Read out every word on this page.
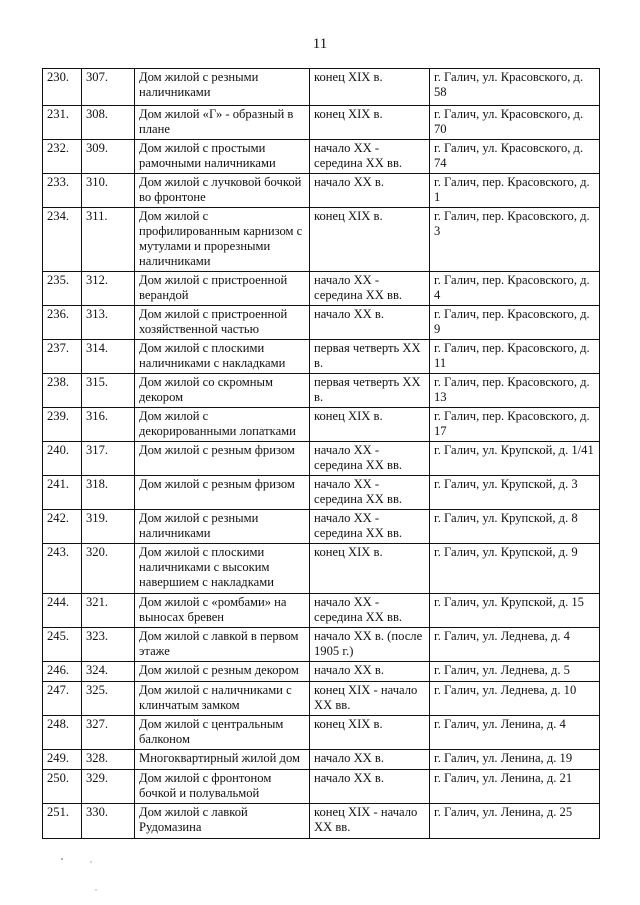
11
230.	307.	Дом жилой с резными наличниками	конец XIX в.	г. Галич, ул. Красовского, д. 58
231.	308.	Дом жилой «Г» - образный в плане	конец XIX в.	г. Галич, ул. Красовского, д. 70
232.	309.	Дом жилой с простыми рамочными наличниками	начало XX - середина XX вв.	г. Галич, ул. Красовского, д. 74
233.	310.	Дом жилой с лучковой бочкой во фронтоне	начало XX в.	г. Галич, пер. Красовского, д. 1
234.	311.	Дом жилой с профилированным карнизом с мутулами и прорезными наличниками	конец XIX в.	г. Галич, пер. Красовского, д. 3
235.	312.	Дом жилой с пристроенной верандой	начало XX - середина XX вв.	г. Галич, пер. Красовского, д. 4
236.	313.	Дом жилой с пристроенной хозяйственной частью	начало XX в.	г. Галич, пер. Красовского, д. 9
237.	314.	Дом жилой с плоскими наличниками с накладками	первая четверть XX в.	г. Галич, пер. Красовского, д. 11
238.	315.	Дом жилой со скромным декором	первая четверть XX в.	г. Галич, пер. Красовского, д. 13
239.	316.	Дом жилой с декорированными лопатками	конец XIX в.	г. Галич, пер. Красовского, д. 17
240.	317.	Дом жилой с резным фризом	начало XX - середина XX вв.	г. Галич, ул. Крупской, д. 1/41
241.	318.	Дом жилой с резным фризом	начало XX - середина XX вв.	г. Галич, ул. Крупской, д. 3
242.	319.	Дом жилой с резными наличниками	начало XX - середина XX вв.	г. Галич, ул. Крупской, д. 8
243.	320.	Дом жилой с плоскими наличниками с высоким навершием с накладками	конец XIX в.	г. Галич, ул. Крупской, д. 9
244.	321.	Дом жилой с «ромбами» на выносах бревен	начало XX - середина XX вв.	г. Галич, ул. Крупской, д. 15
245.	323.	Дом жилой с лавкой в первом этаже	начало XX в. (после 1905 г.)	г. Галич, ул. Леднева, д. 4
246.	324.	Дом жилой с резным декором	начало XX в.	г. Галич, ул. Леднева, д. 5
247.	325.	Дом жилой с наличниками с клинчатым замком	конец XIX - начало XX вв.	г. Галич, ул. Леднева, д. 10
248.	327.	Дом жилой с центральным балконом	конец XIX в.	г. Галич, ул. Ленина, д. 4
249.	328.	Многоквартирный жилой дом	начало XX в.	г. Галич, ул. Ленина, д. 19
250.	329.	Дом жилой с фронтоном бочкой и полувальмой	начало XX в.	г. Галич, ул. Ленина, д. 21
251.	330.	Дом жилой с лавкой Рудомазина	конец XIX - начало XX вв.	г. Галич, ул. Ленина, д. 25
